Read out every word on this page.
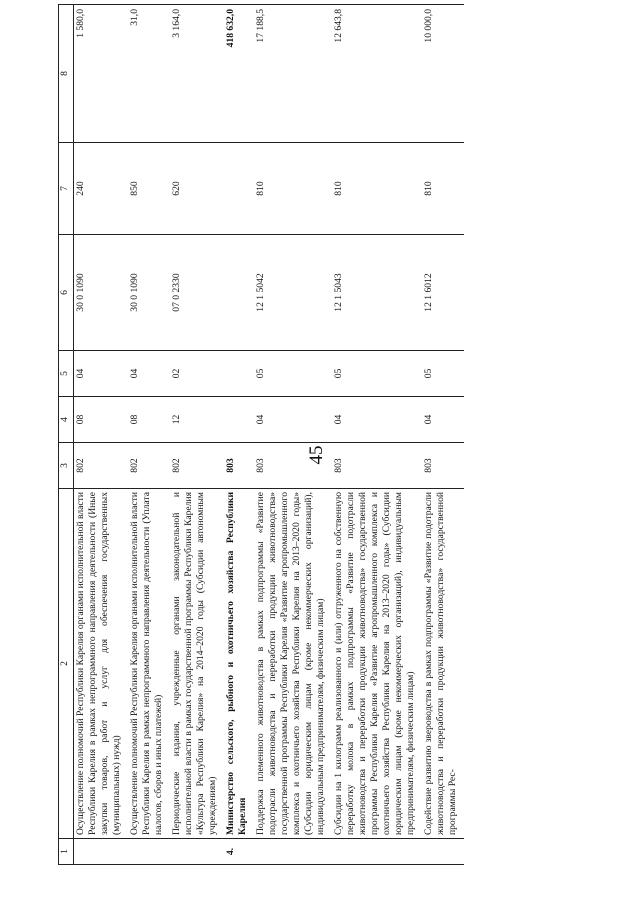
45
1	2	3	4	5	6	7	8
	Осуществление полномочий Республики Карелия органами исполнительной власти Республики Карелия в рамках непрограммного направления деятельности (Иные закупки товаров, работ и услуг для обеспечения государственных (муниципальных) нужд)	802	08	04	30 0 1090	240	1 580,0
	Осуществление полномочий Республики Карелия органами исполнительной власти Республики Карелия в рамках непрограммного направления деятельности (Уплата налогов, сборов и иных платежей)	802	08	04	30 0 1090	850	31,0
	Периодические издания, учрежденные органами законодательной и исполнительной власти в рамках государственной программы Республики Карелия «Культура Республики Карелия» на 2014–2020 годы (Субсидии автономным учреждениям)	802	12	02	07 0 2330	620	3 164,0
4.	Министерство сельского, рыбного и охотничьего хозяйства Республики Карелия	803					418 632,0
	Поддержка племенного животноводства в рамках подпрограммы «Развитие подотрасли животноводства и переработки продукции животноводства» государственной программы Республики Карелия «Развитие агропромышленного комплекса и охотничьего хозяйства Республики Карелия на 2013–2020 годы» (Субсидии юридическим лицам (кроме некоммерческих организаций), индивидуальным предпринимателям, физическим лицам)	803	04	05	12 1 5042	810	17 188,5
	Субсидии на 1 килограмм реализованного и (или) отгруженного на собственную переработку молока в рамках подпрограммы «Развитие подотрасли животноводства и переработки продукции животноводства» государственной программы Республики Карелия «Развитие агропромышленного комплекса и охотничьего хозяйства Республики Карелия на 2013–2020 годы» (Субсидии юридическим лицам (кроме некоммерческих организаций), индивидуальным предпринимателям, физическим лицам)	803	04	05	12 1 5043	810	12 643,8
	Содействие развитию звероводства в рамках подпрограммы «Развитие подотрасли животноводства и переработки продукции животноводства» государственной программы Рес-	803	04	05	12 1 6012	810	10 000,0
